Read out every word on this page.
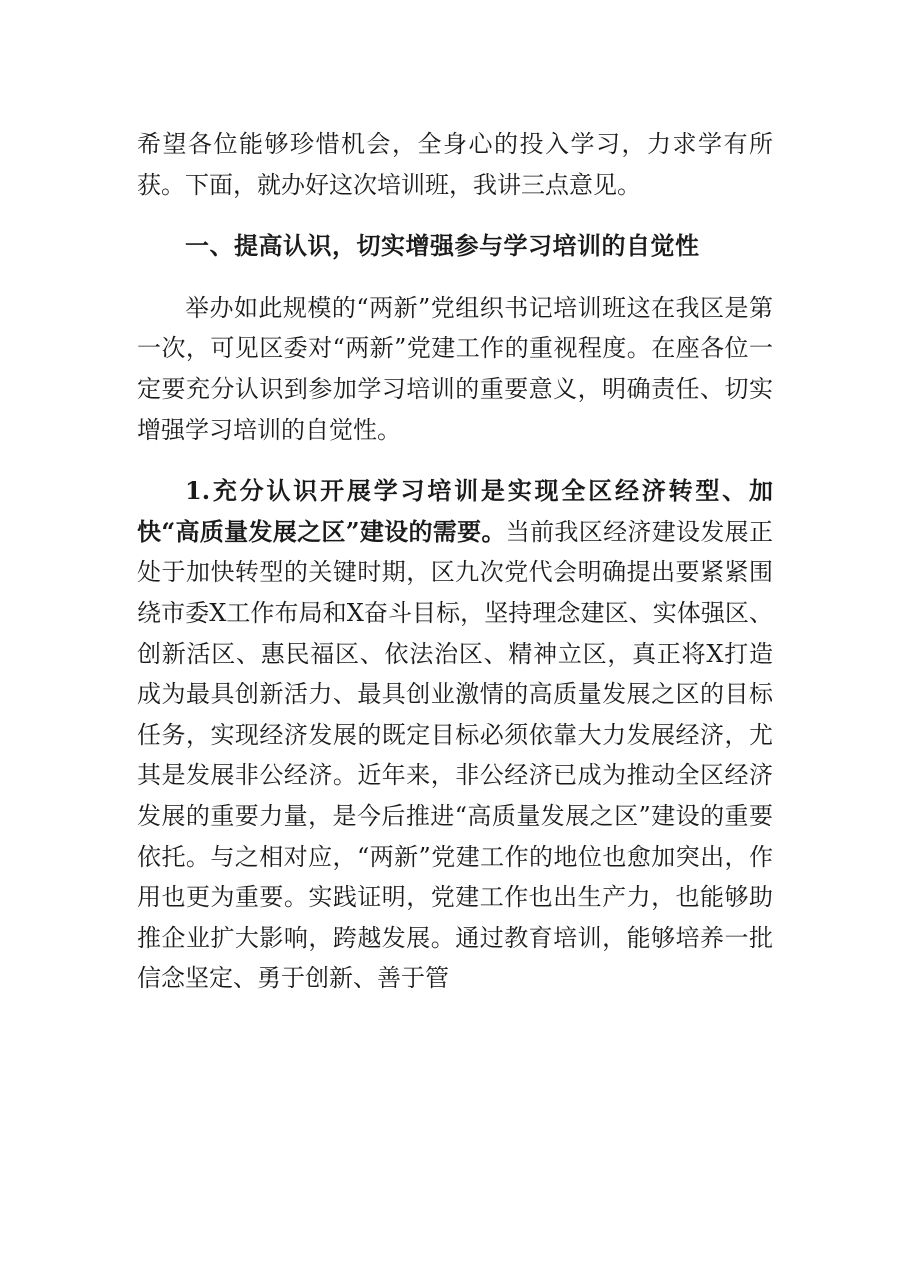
希望各位能够珍惜机会，全身心的投入学习，力求学有所获。下面，就办好这次培训班，我讲三点意见。

一、提高认识，切实增强参与学习培训的自觉性

举办如此规模的“两新”党组织书记培训班这在我区是第一次，可见区委对“两新”党建工作的重视程度。在座各位一定要充分认识到参加学习培训的重要意义，明确责任、切实增强学习培训的自觉性。

1.充分认识开展学习培训是实现全区经济转型、加快“高质量发展之区”建设的需要。当前我区经济建设发展正处于加快转型的关键时期，区九次党代会明确提出要紧紧围绕市委X工作布局和X奋斗目标，坚持理念建区、实体强区、创新活区、惠民福区、依法治区、精神立区，真正将X打造成为最具创新活力、最具创业激情的高质量发展之区的目标任务，实现经济发展的既定目标必须依靠大力发展经济，尤其是发展非公经济。近年来，非公经济已成为推动全区经济发展的重要力量，是今后推进“高质量发展之区”建设的重要依托。与之相对应，“两新”党建工作的地位也愈加突出，作用也更为重要。实践证明，党建工作也出生产力，也能够助推企业扩大影响，跨越发展。通过教育培训，能够培养一批信念坚定、勇于创新、善于管
